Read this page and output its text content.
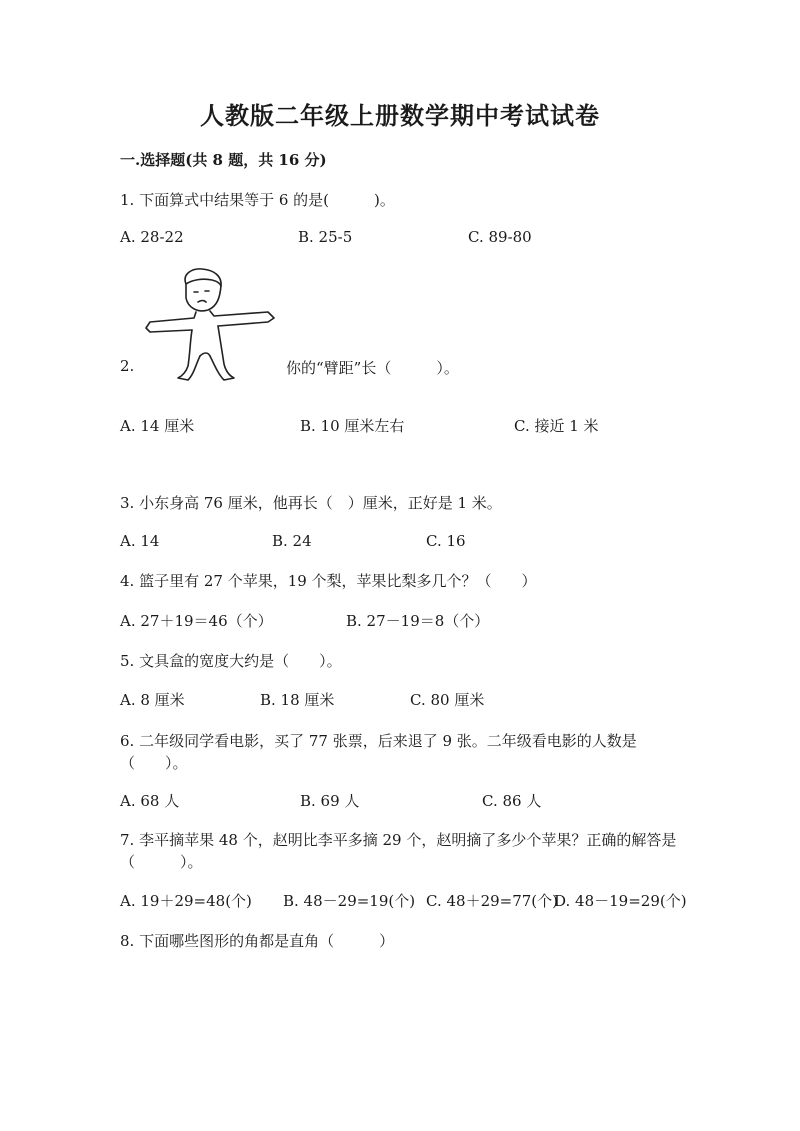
人教版二年级上册数学期中考试试卷
一.选择题(共 8 题，共 16 分)
1. 下面算式中结果等于 6 的是(　　　)。
A. 28-22	B. 25-5	C. 89-80
2.	你的“臂距”长（　　　）。
A. 14 厘米	B. 10 厘米左右	C. 接近 1 米
3. 小东身高 76 厘米，他再长（　）厘米，正好是 1 米。
A. 14	B. 24	C. 16
4. 篮子里有 27 个苹果，19 个梨，苹果比梨多几个？（　　）
A. 27＋19＝46（个）	B. 27－19＝8（个）
5. 文具盒的宽度大约是（　　）。
A. 8 厘米	B. 18 厘米	C. 80 厘米
6. 二年级同学看电影，买了 77 张票，后来退了 9 张。二年级看电影的人数是（　　）。
A. 68 人	B. 69 人	C. 86 人
7. 李平摘苹果 48 个，赵明比李平多摘 29 个，赵明摘了多少个苹果？正确的解答是 （　　　）。
A. 19＋29=48(个) B. 48－29=19(个) C. 48＋29=77(个)
D. 48－19=29(个)
8. 下面哪些图形的角都是直角（　　　）
